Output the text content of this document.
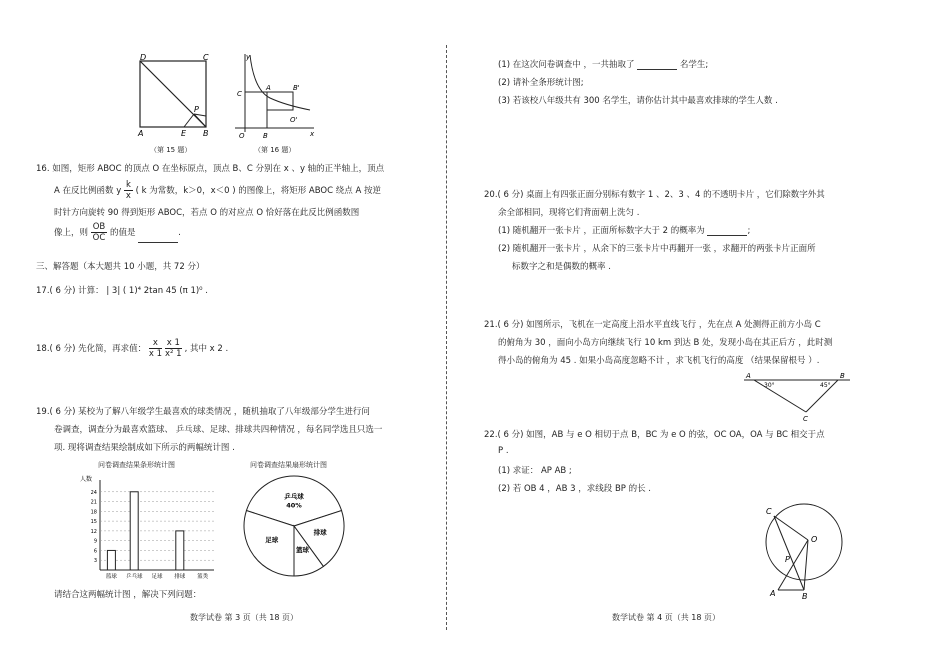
D	C
A	E B
P
（第 15 题）
y
C
A	B'
O	B
O'
x
（第 16 题）
16. 如图，矩形 ABOC 的顶点 O 在坐标原点，顶点 B、C 分别在 x 、y 轴的正半轴上，顶点
A 在反比例函数 y $\frac{k}{x}$ ( k 为常数，k＞0，x＜0 ) 的图像上，将矩形 ABOC 绕点 A 按逆
时针方向旋转 90 得到矩形 ABOC，若点 O 的对应点 O 恰好落在此反比例函数图
像上，则 $\frac{OB}{OC}$ 的值是	.
三、解答题（本大题共 10 小题，共 72 分）
17.( 6 分) 计算： | 3| ( 1)⁴ 2tan 45 (π 1)⁰ .
18.( 6 分) 先化简，再求值： $\frac{x}{x 1} \frac{x 1}{\text{x² 1}}$ , 其中 x 2 .
19.( 6 分) 某校为了解八年级学生最喜欢的球类情况 ，随机抽取了八年级部分学生进行问
卷调查，调查分为最喜欢篮球、 乒乓球、足球、排球共四种情况 ，每名同学选且只选一
项. 现将调查结果绘制成如下所示的两幅统计图 .
问卷调查结果条形统计图
人数
3
6
9
12
15
18
21
24
篮球 乒乓球 足球 排球 篮类
问卷调查结果扇形统计图
乒乓球
40%
排球
篮球
足球
请结合这两幅统计图 ，解决下列问题：
数学试卷 第 3 页（共 18 页）
(1) 在这次问卷调查中 ，一共抽取了	名学生;
(2) 请补全条形统计图;
(3) 若该校八年级共有 300 名学生，请你估计其中最喜欢排球的学生人数 .
20.( 6 分) 桌面上有四张正面分别标有数字 1 、2、3 、4 的不透明卡片 ，它们除数字外其
余全部相同，现将它们背面朝上洗匀 .
(1) 随机翻开一张卡片 ，正面所标数字大于 2 的概率为	;
(2) 随机翻开一张卡片 ，从余下的三张卡片中再翻开一张 ，求翻开的两张卡片正面所
标数字之和是偶数的概率 .
21.( 6 分) 如图所示，飞机在一定高度上沿水平直线飞行 ，先在点 A 处测得正前方小岛 C
的俯角为 30 ，面向小岛方向继续飞行 10 km 到达 B 处，发现小岛在其正后方 ，此时测
得小岛的俯角为 45 . 如果小岛高度忽略不计 ，求飞机飞行的高度 （结果保留根号 ）.
A
30°	45°
B
C
22.( 6 分) 如图，AB 与 e O 相切于点 B，BC 为 e O 的弦，OC OA，OA 与 BC 相交于点
P .
(1) 求证： AP AB ;
(2) 若 OB 4 ，AB 3 ，求线段 BP 的长 .
C
O
P
A	B
数学试卷 第 4 页（共 18 页）
